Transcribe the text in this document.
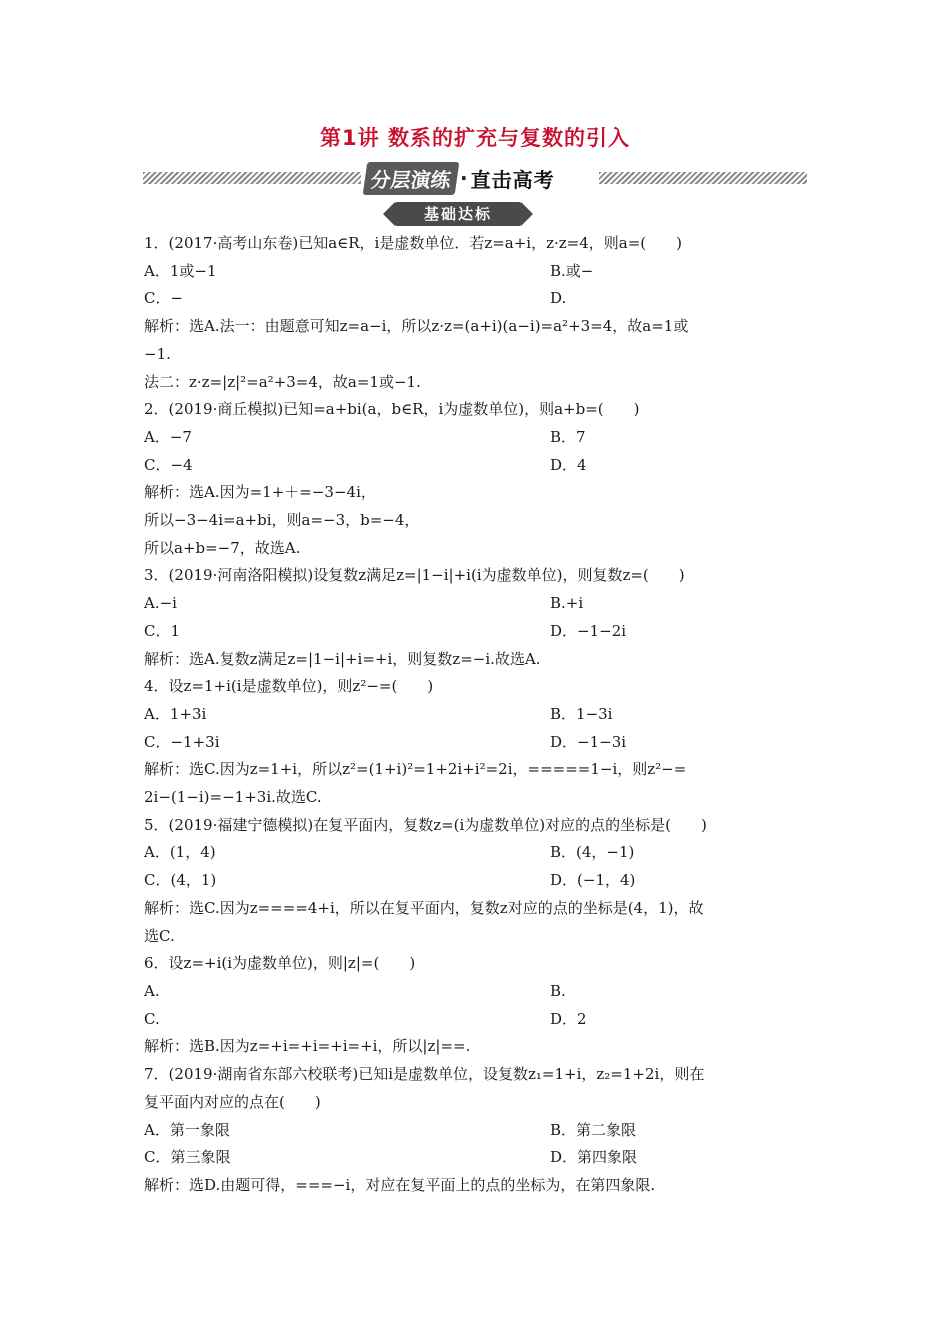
第1讲 数系的扩充与复数的引入
分层演练 · 直击高考
基础达标
1．(2017·高考山东卷)已知a∈R，i是虚数单位．若z=a+i，z·z=4，则a=(　　)
A．1或−1	B.或−
C．−	D.
解析：选A.法一：由题意可知z=a−i，所以z·z=(a+i)(a−i)=a²+3=4，故a=1或
−1.
法二：z·z=|z|²=a²+3=4，故a=1或−1.
2．(2019·商丘模拟)已知=a+bi(a，b∈R，i为虚数单位)，则a+b=(　　)
A．−7	B．7
C．−4	D．4
解析：选A.因为=1+＋=−3−4i，
所以−3−4i=a+bi，则a=−3，b=−4，
所以a+b=−7，故选A.
3．(2019·河南洛阳模拟)设复数z满足z=|1−i|+i(i为虚数单位)，则复数z=(　　)
A.−i	B.+i
C．1	D．−1−2i
解析：选A.复数z满足z=|1−i|+i=+i，则复数z=−i.故选A.
4．设z=1+i(i是虚数单位)，则z²−=(　　)
A．1+3i	B．1−3i
C．−1+3i	D．−1−3i
解析：选C.因为z=1+i，所以z²=(1+i)²=1+2i+i²=2i，=====1−i，则z²−=
2i−(1−i)=−1+3i.故选C.
5．(2019·福建宁德模拟)在复平面内，复数z=(i为虚数单位)对应的点的坐标是(　　)
A．(1，4)	B．(4，−1)
C．(4，1)	D．(−1，4)
解析：选C.因为z====4+i，所以在复平面内，复数z对应的点的坐标是(4，1)，故
选C.
6．设z=+i(i为虚数单位)，则|z|=(　　)
A.	B.
C.	D．2
解析：选B.因为z=+i=+i=+i=+i，所以|z|==.
7．(2019·湖南省东部六校联考)已知i是虚数单位，设复数z₁=1+i，z₂=1+2i，则在
复平面内对应的点在(　　)
A．第一象限	B．第二象限
C．第三象限	D．第四象限
解析：选D.由题可得，===−i，对应在复平面上的点的坐标为，在第四象限.
